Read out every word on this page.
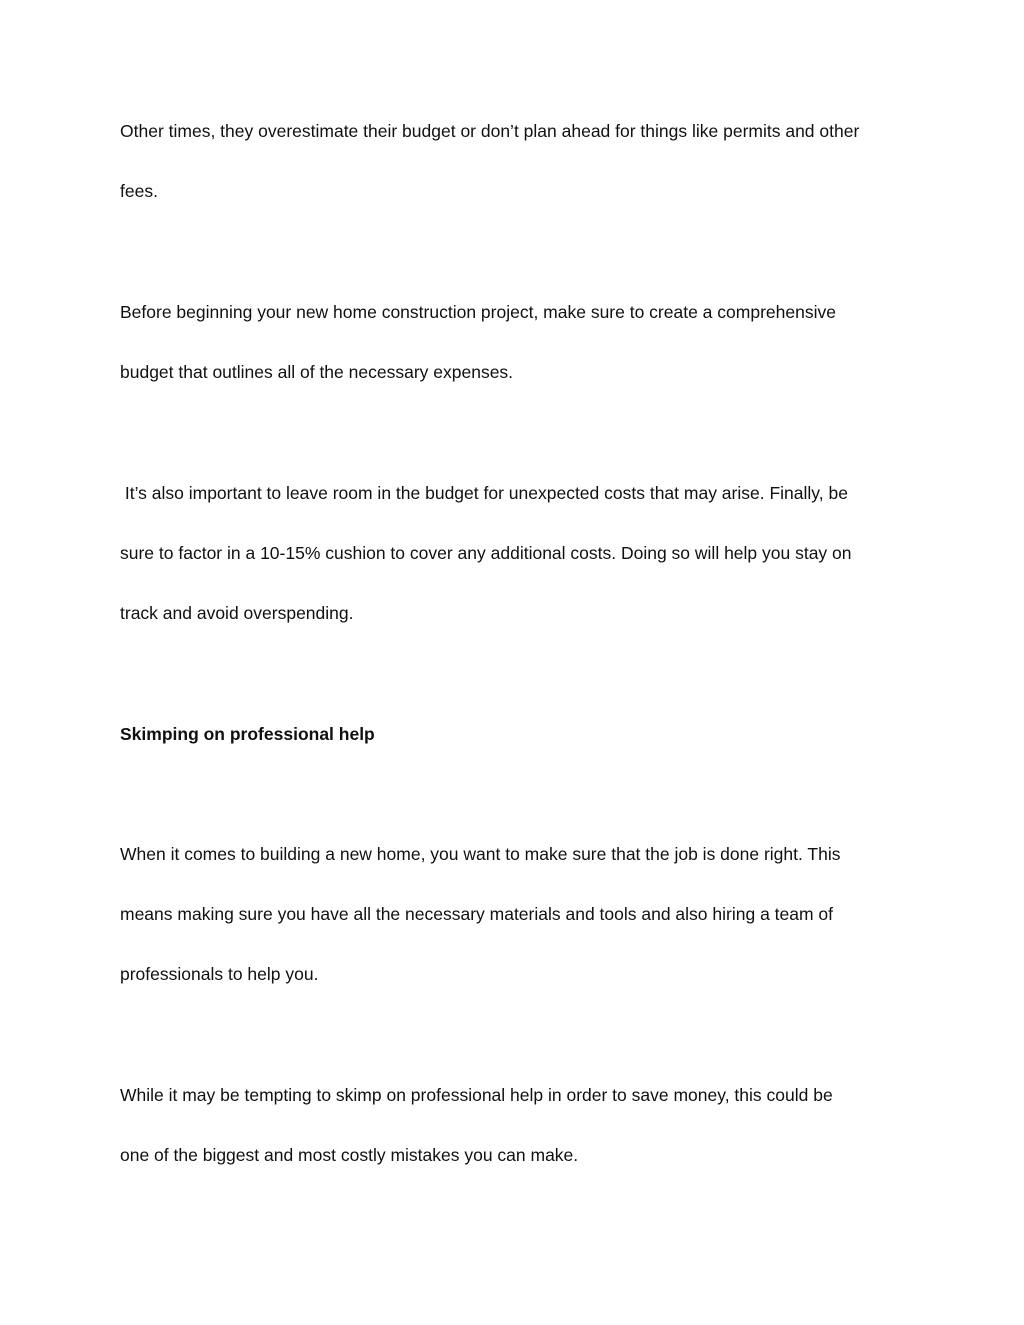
Other times, they overestimate their budget or don’t plan ahead for things like permits and other
fees.
Before beginning your new home construction project, make sure to create a comprehensive
budget that outlines all of the necessary expenses.
It’s also important to leave room in the budget for unexpected costs that may arise. Finally, be
sure to factor in a 10-15% cushion to cover any additional costs. Doing so will help you stay on
track and avoid overspending.
Skimping on professional help
When it comes to building a new home, you want to make sure that the job is done right. This
means making sure you have all the necessary materials and tools and also hiring a team of
professionals to help you.
While it may be tempting to skimp on professional help in order to save money, this could be
one of the biggest and most costly mistakes you can make.
